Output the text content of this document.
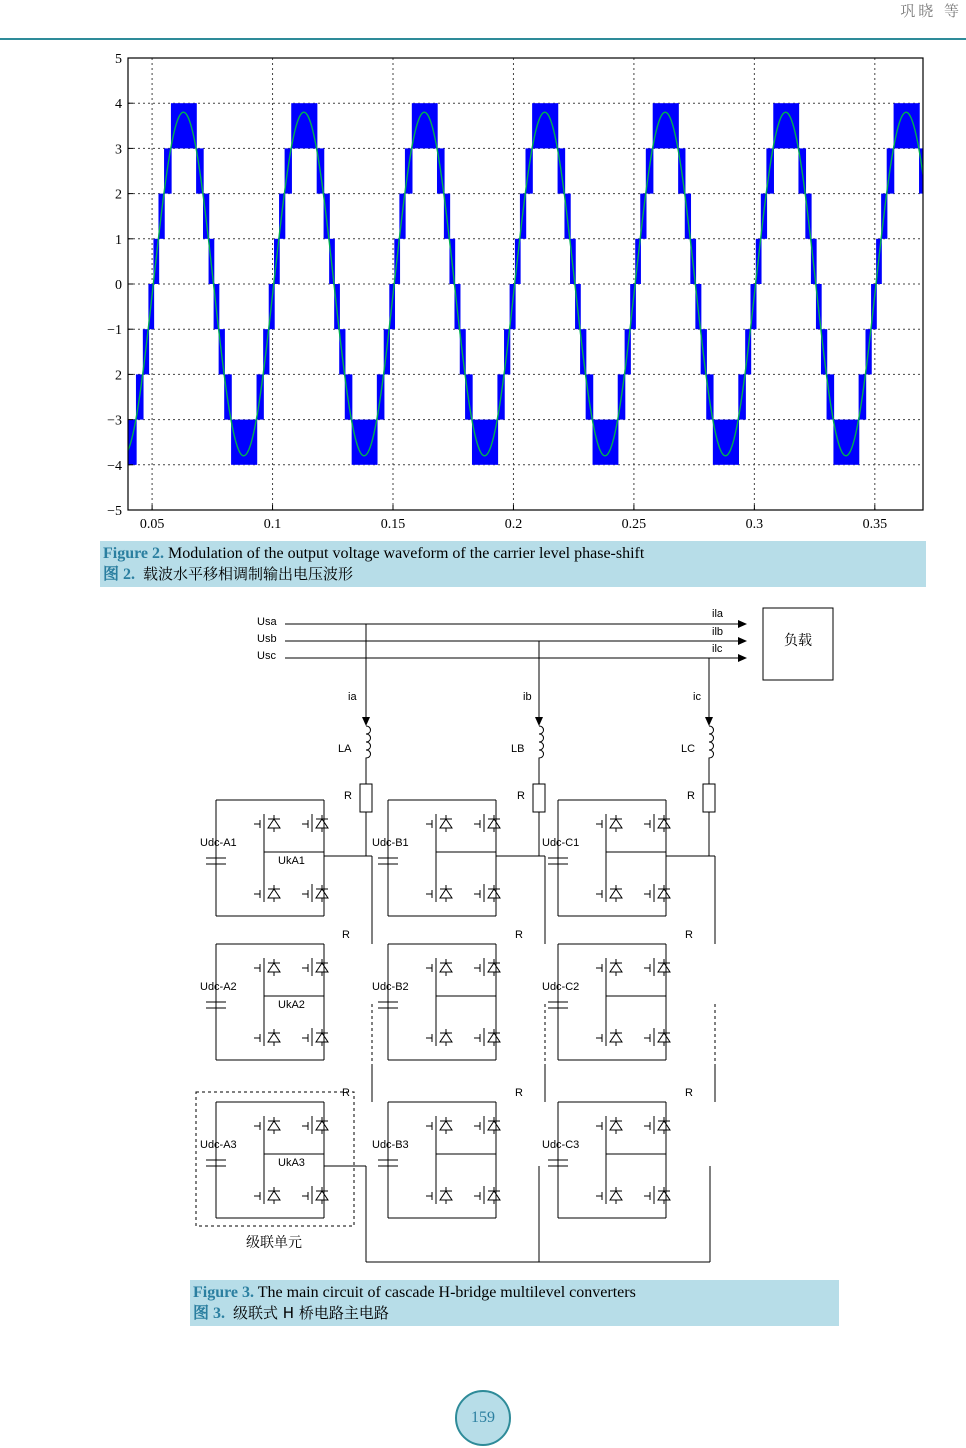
巩晓 等
0.05	0.1	0.15	0.2	0.25	0.3	0.35
5
4
3
2
1
0
−1
2
−3
−4
−5
Figure 2. Modulation of the output voltage waveform of the carrier level phase-shift
图 2. 载波水平移相调制输出电压波形
Usa
ila
Usb
ilb
Usc
ilc
负载
ia
LA
R
ib
LB
R
ic
LC
R
Udc-A1
UkA1
Udc-B1	Udc-C1
Udc-A2
UkA2
R
Udc-B2
R
Udc-C2
R
Udc-A3
UkA3
R
Udc-B3
R
Udc-C3
R
级联单元
Figure 3. The main circuit of cascade H-bridge multilevel converters
图 3. 级联式 H 桥电路主电路
159
